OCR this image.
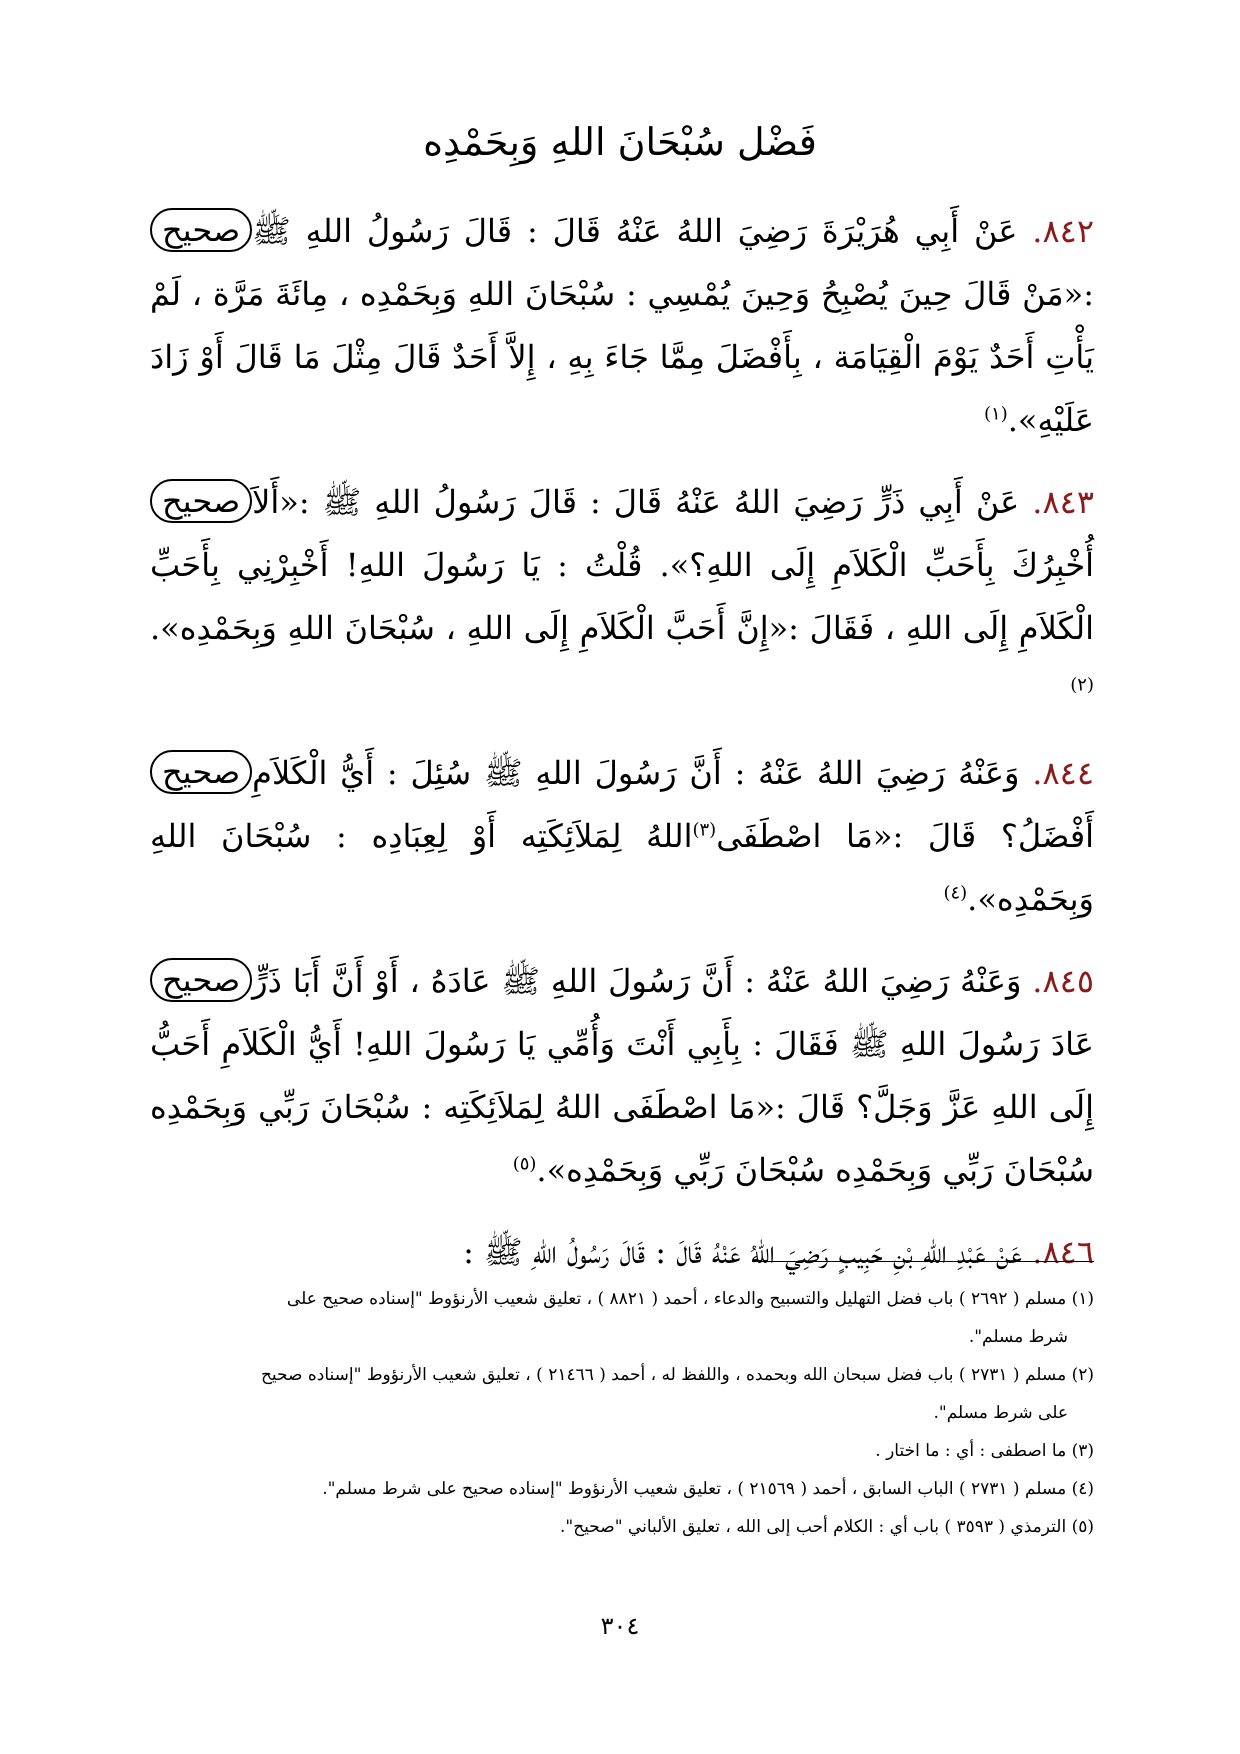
فَضْل سُبْحَانَ اللهِ وَبِحَمْدِه

صحيح	٨٤٢. عَنْ أَبِي هُرَيْرَةَ رَضِيَ اللهُ عَنْهُ قَالَ : قَالَ رَسُولُ اللهِ ﷺ :«مَنْ قَالَ حِينَ يُصْبِحُ وَحِينَ يُمْسِي : سُبْحَانَ اللهِ وَبِحَمْدِه ، مِائَةَ مَرَّة ، لَمْ يَأْتِ أَحَدٌ يَوْمَ الْقِيَامَة ، بِأَفْضَلَ مِمَّا جَاءَ بِهِ ، إِلاَّ أَحَدٌ قَالَ مِثْلَ مَا قَالَ أَوْ زَادَ عَلَيْهِ».$^{(١)}$

صحيح	٨٤٣. عَنْ أَبِي ذَرٍّ رَضِيَ اللهُ عَنْهُ قَالَ : قَالَ رَسُولُ اللهِ ﷺ :«أَلاَ أُخْبِرُكَ بِأَحَبِّ الْكَلاَمِ إِلَى اللهِ؟». قُلْتُ : يَا رَسُولَ اللهِ! أَخْبِرْنِي بِأَحَبِّ الْكَلاَمِ إِلَى اللهِ ، فَقَالَ :«إِنَّ أَحَبَّ الْكَلاَمِ إِلَى اللهِ ، سُبْحَانَ اللهِ وَبِحَمْدِه».$^{(٢)}$

صحيح	٨٤٤. وَعَنْهُ رَضِيَ اللهُ عَنْهُ : أَنَّ رَسُولَ اللهِ ﷺ سُئِلَ : أَيُّ الْكَلاَمِ أَفْضَلُ؟ قَالَ :«مَا اصْطَفَى$^{(٣)}$اللهُ لِمَلاَئِكَتِه أَوْ لِعِبَادِه : سُبْحَانَ اللهِ وَبِحَمْدِه».$^{(٤)}$

صحيح	٨٤٥. وَعَنْهُ رَضِيَ اللهُ عَنْهُ : أَنَّ رَسُولَ اللهِ ﷺ عَادَهُ ، أَوْ أَنَّ أَبَا ذَرٍّ عَادَ رَسُولَ اللهِ ﷺ فَقَالَ : بِأَبِي أَنْتَ وَأُمِّي يَا رَسُولَ اللهِ! أَيُّ الْكَلاَمِ أَحَبُّ إِلَى اللهِ عَزَّ وَجَلَّ؟ قَالَ :«مَا اصْطَفَى اللهُ لِمَلاَئِكَتِه : سُبْحَانَ رَبِّي وَبِحَمْدِه سُبْحَانَ رَبِّي وَبِحَمْدِه سُبْحَانَ رَبِّي وَبِحَمْدِه».$^{(٥)}$

٨٤٦. عَنْ عَبْدِ اللهِ بْنِ حَبِيبٍ رَضِيَ اللهُ عَنْهُ قَالَ : قَالَ رَسُولُ اللهِ ﷺ :

(١) مسلم ( ٢٦٩٢ ) باب فضل التهليل والتسبيح والدعاء ، أحمد ( ٨٨٢١ ) ، تعليق شعيب الأرنؤوط "إسناده صحيح على
شرط مسلم".
(٢) مسلم ( ٢٧٣١ ) باب فضل سبحان الله وبحمده ، واللفظ له ، أحمد ( ٢١٤٦٦ ) ، تعليق شعيب الأرنؤوط "إسناده صحيح
على شرط مسلم".
(٣) ما اصطفى : أي : ما اختار .
(٤) مسلم ( ٢٧٣١ ) الباب السابق ، أحمد ( ٢١٥٦٩ ) ، تعليق شعيب الأرنؤوط "إسناده صحيح على شرط مسلم".
(٥) الترمذي ( ٣٥٩٣ ) باب أي : الكلام أحب إلى الله ، تعليق الألباني "صحيح".
٣٠٤
